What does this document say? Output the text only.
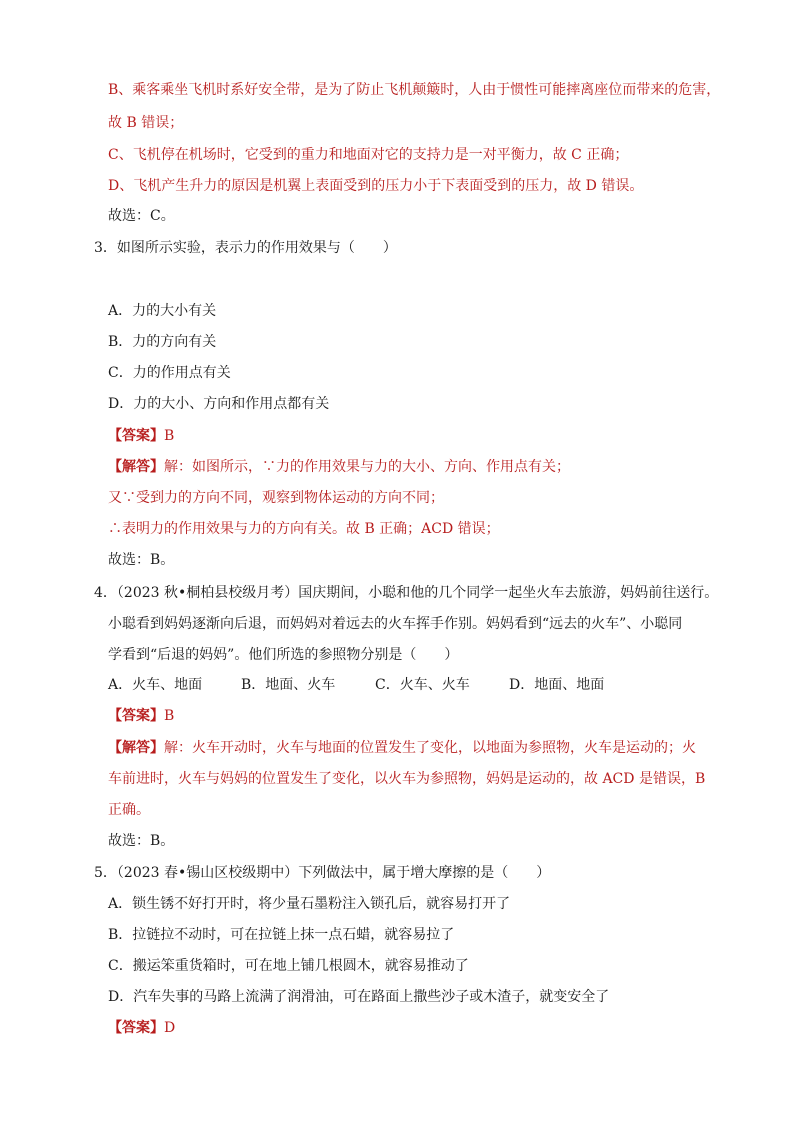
B、乘客乘坐飞机时系好安全带，是为了防止飞机颠簸时，人由于惯性可能摔离座位而带来的危害，
故 B 错误；
C、飞机停在机场时，它受到的重力和地面对它的支持力是一对平衡力，故 C 正确；
D、飞机产生升力的原因是机翼上表面受到的压力小于下表面受到的压力，故 D 错误。
故选：C。
3．如图所示实验，表示力的作用效果与（　　）
A．力的大小有关
B．力的方向有关
C．力的作用点有关
D．力的大小、方向和作用点都有关
【答案】B
【解答】解：如图所示，∵力的作用效果与力的大小、方向、作用点有关；
又∵受到力的方向不同，观察到物体运动的方向不同；
∴表明力的作用效果与力的方向有关。故 B 正确；ACD 错误；
故选：B。
4．（2023 秋•桐柏县校级月考）国庆期间，小聪和他的几个同学一起坐火车去旅游，妈妈前往送行。
小聪看到妈妈逐渐向后退，而妈妈对着远去的火车挥手作别。妈妈看到“远去的火车”、小聪同
学看到“后退的妈妈”。他们所选的参照物分别是（　　）
A．火车、地面	B．地面、火车	C．火车、火车	D．地面、地面
【答案】B
【解答】解：火车开动时，火车与地面的位置发生了变化，以地面为参照物，火车是运动的；火
车前进时，火车与妈妈的位置发生了变化，以火车为参照物，妈妈是运动的，故 ACD 是错误，B
正确。
故选：B。
5．（2023 春•锡山区校级期中）下列做法中，属于增大摩擦的是（　　）
A．锁生锈不好打开时，将少量石墨粉注入锁孔后，就容易打开了
B．拉链拉不动时，可在拉链上抹一点石蜡，就容易拉了
C．搬运笨重货箱时，可在地上铺几根圆木，就容易推动了
D．汽车失事的马路上流满了润滑油，可在路面上撒些沙子或木渣子，就变安全了
【答案】D
